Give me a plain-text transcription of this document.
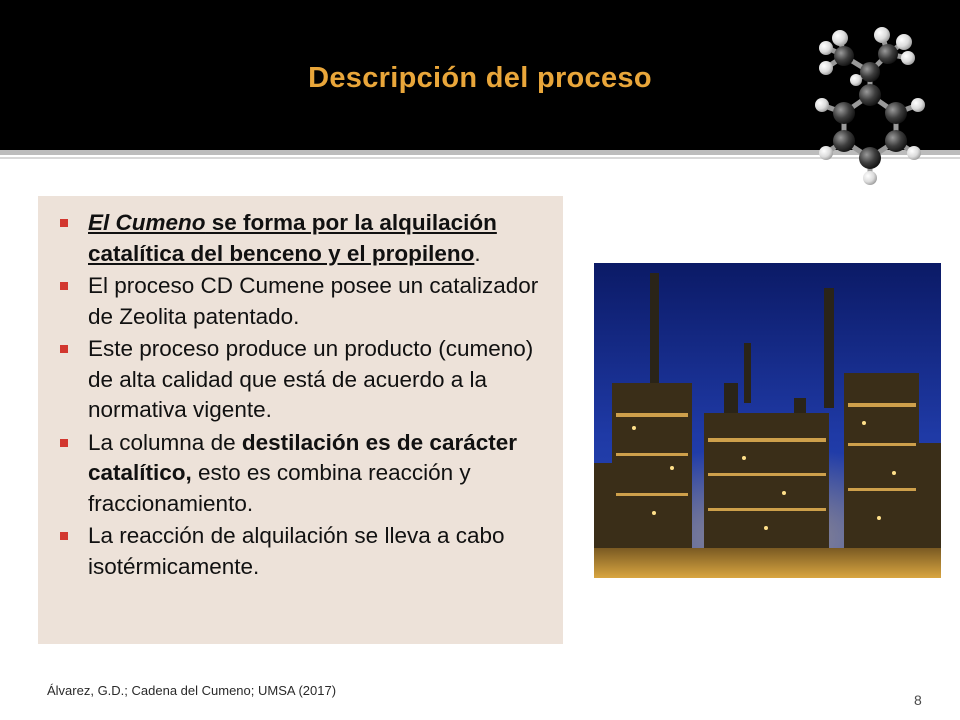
Descripción del proceso
El Cumeno se forma por la alquilación catalítica del benceno y el propileno.
El proceso CD Cumene posee un catalizador de Zeolita patentado.
Este proceso produce un producto (cumeno) de alta calidad que está de acuerdo a la normativa vigente.
La columna de destilación es de carácter catalítico, esto es combina reacción y fraccionamiento.
La reacción de alquilación se lleva a cabo isotérmicamente.
Álvarez, G.D.; Cadena del Cumeno; UMSA (2017)
8
